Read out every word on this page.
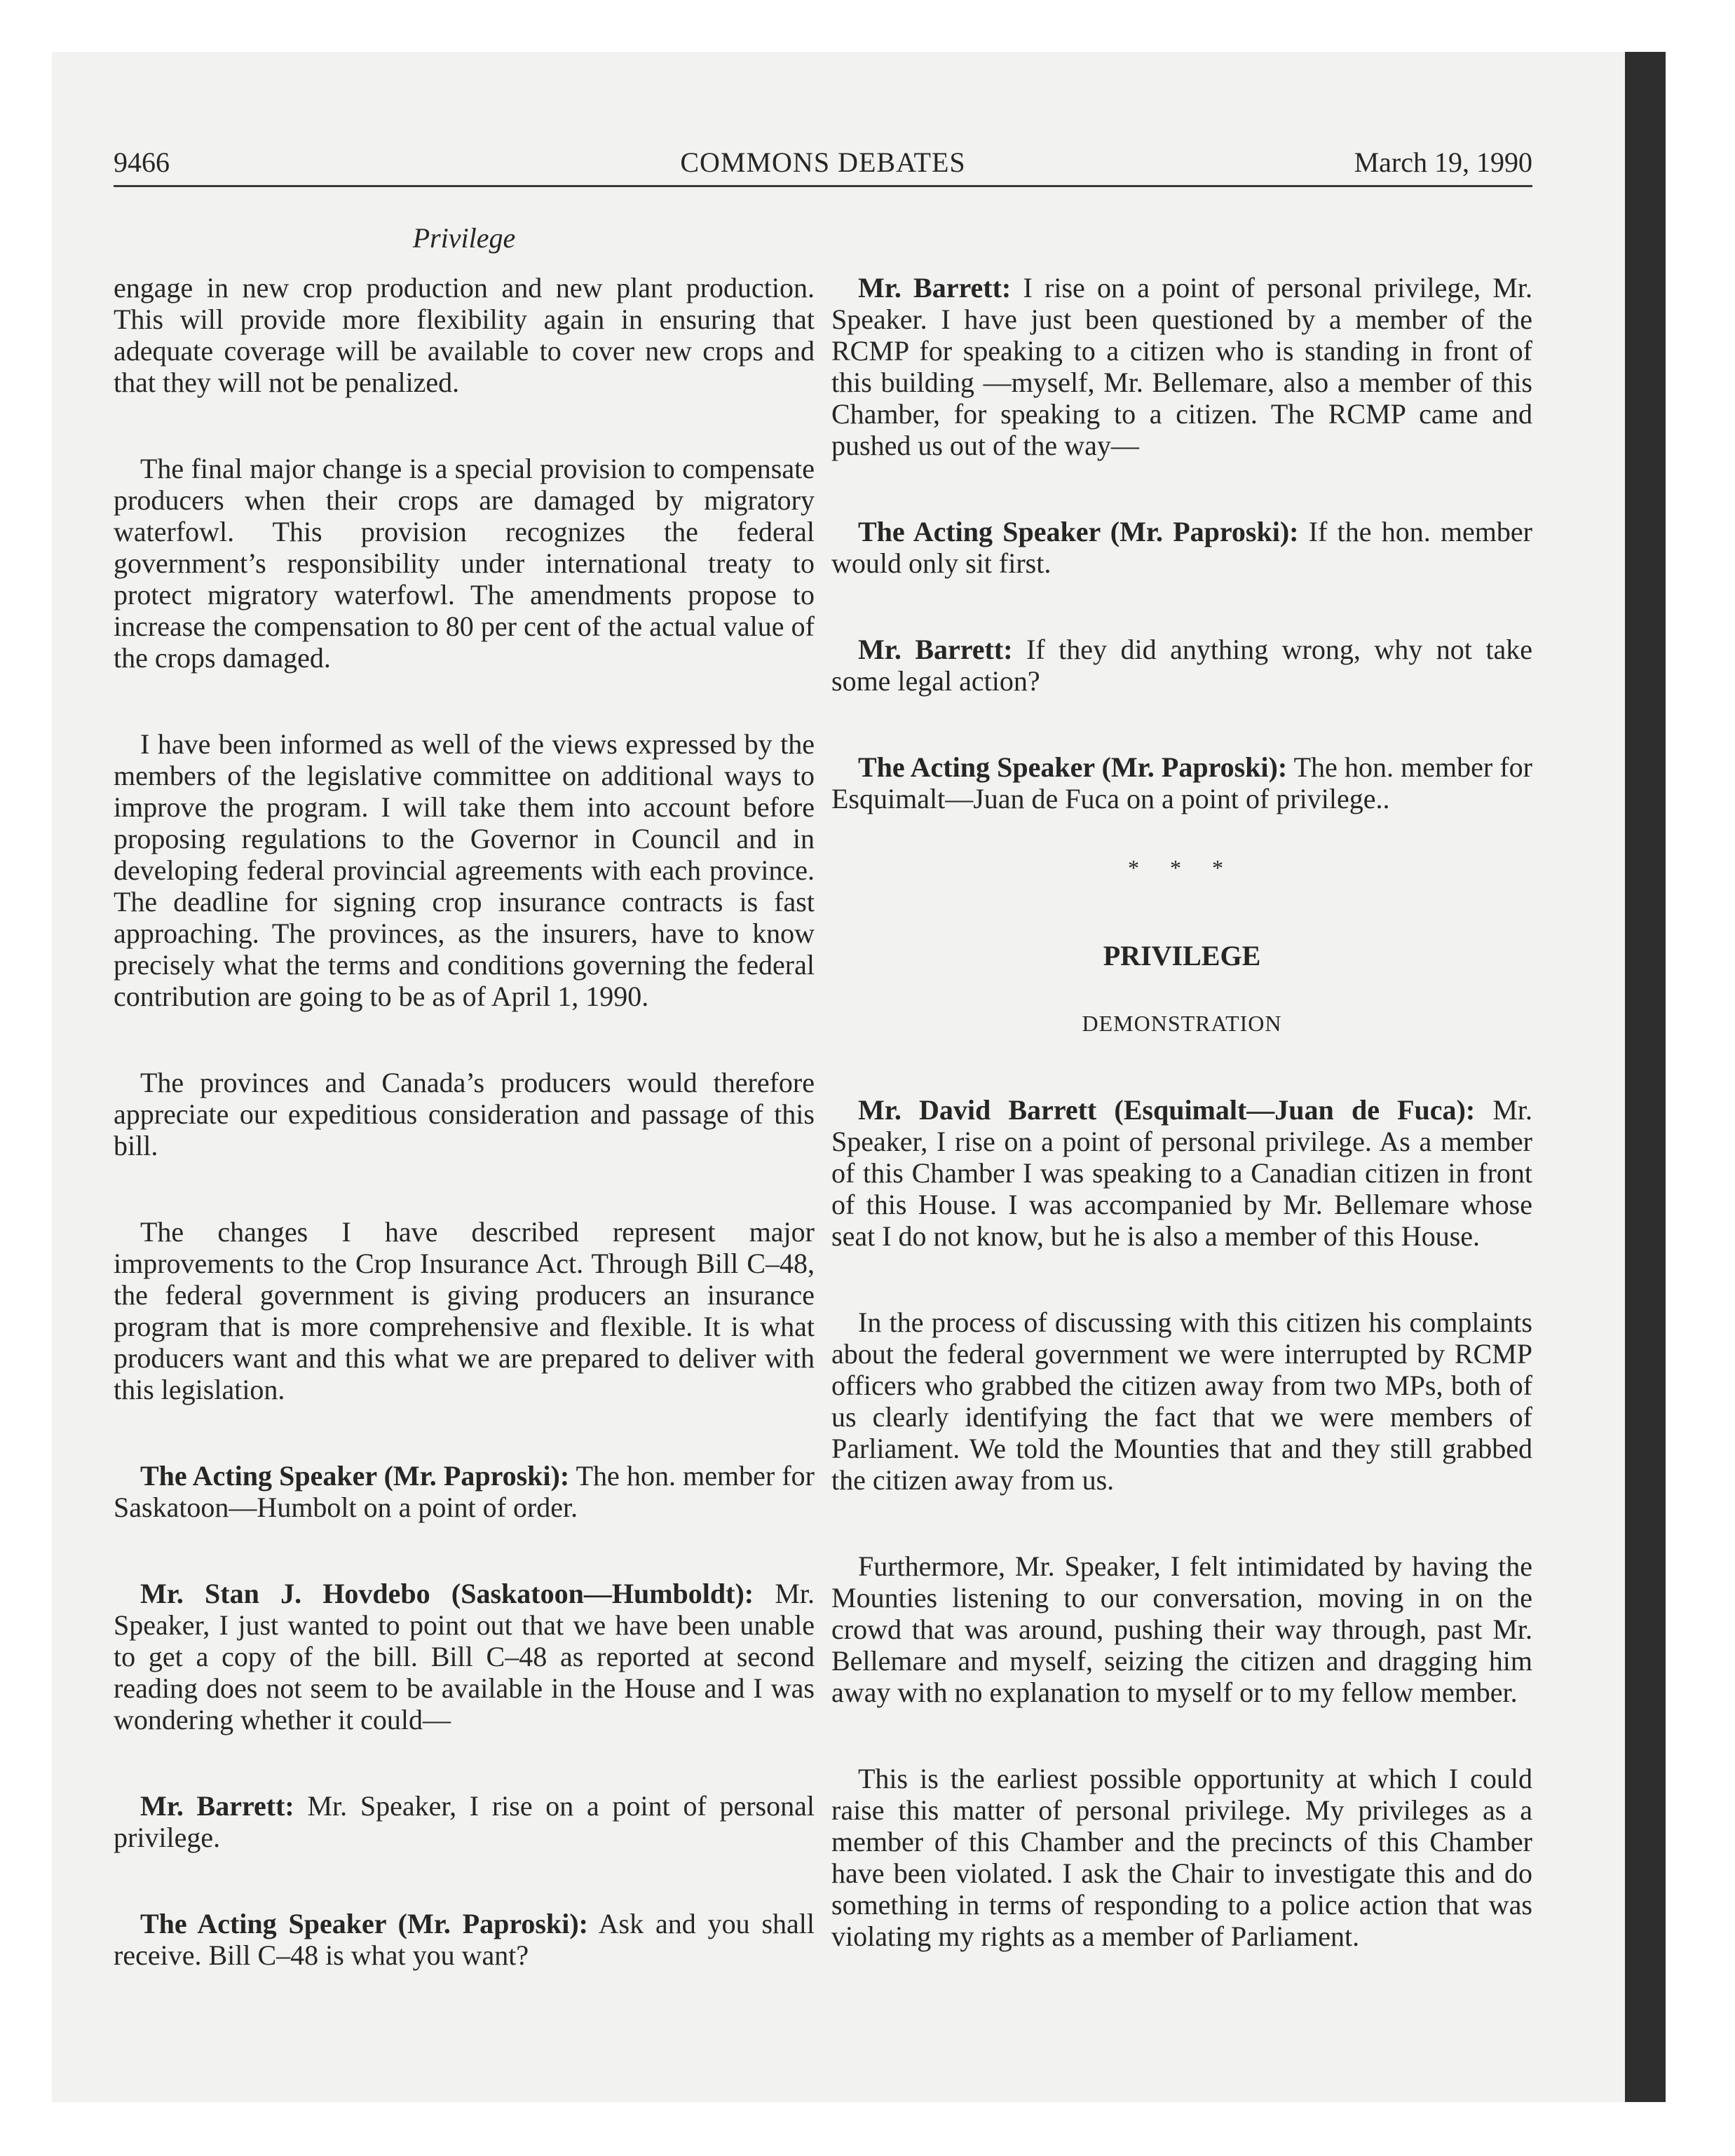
9466	COMMONS DEBATES	March 19, 1990
Privilege

engage in new crop production and new plant production. This will provide more flexibility again in ensuring that adequate coverage will be available to cover new crops and that they will not be penalized.

The final major change is a special provision to compensate producers when their crops are damaged by migratory waterfowl. This provision recognizes the federal government’s responsibility under international treaty to protect migratory waterfowl. The amendments propose to increase the compensation to 80 per cent of the actual value of the crops damaged.

I have been informed as well of the views expressed by the members of the legislative committee on additional ways to improve the program. I will take them into account before proposing regulations to the Governor in Council and in developing federal provincial agreements with each province. The deadline for signing crop insurance contracts is fast approaching. The provinces, as the insurers, have to know precisely what the terms and conditions governing the federal contribution are going to be as of April 1, 1990.

The provinces and Canada’s producers would therefore appreciate our expeditious consideration and passage of this bill.

The changes I have described represent major improvements to the Crop Insurance Act. Through Bill C–48, the federal government is giving producers an insurance program that is more comprehensive and flexible. It is what producers want and this what we are prepared to deliver with this legislation.

The Acting Speaker (Mr. Paproski): The hon. member for Saskatoon—Humbolt on a point of order.

Mr. Stan J. Hovdebo (Saskatoon—Humboldt): Mr. Speaker, I just wanted to point out that we have been unable to get a copy of the bill. Bill C–48 as reported at second reading does not seem to be available in the House and I was wondering whether it could—

Mr. Barrett: Mr. Speaker, I rise on a point of personal privilege.

The Acting Speaker (Mr. Paproski): Ask and you shall receive. Bill C–48 is what you want?

Mr. Barrett: I rise on a point of personal privilege, Mr. Speaker. I have just been questioned by a member of the RCMP for speaking to a citizen who is standing in front of this building —myself, Mr. Bellemare, also a member of this Chamber, for speaking to a citizen. The RCMP came and pushed us out of the way—

The Acting Speaker (Mr. Paproski): If the hon. member would only sit first.

Mr. Barrett: If they did anything wrong, why not take some legal action?

The Acting Speaker (Mr. Paproski): The hon. member for Esquimalt—Juan de Fuca on a point of privilege..

* * *
PRIVILEGE
DEMONSTRATION

Mr. David Barrett (Esquimalt—Juan de Fuca): Mr. Speaker, I rise on a point of personal privilege. As a member of this Chamber I was speaking to a Canadian citizen in front of this House. I was accompanied by Mr. Bellemare whose seat I do not know, but he is also a member of this House.

In the process of discussing with this citizen his complaints about the federal government we were interrupted by RCMP officers who grabbed the citizen away from two MPs, both of us clearly identifying the fact that we were members of Parliament. We told the Mounties that and they still grabbed the citizen away from us.

Furthermore, Mr. Speaker, I felt intimidated by having the Mounties listening to our conversation, moving in on the crowd that was around, pushing their way through, past Mr. Bellemare and myself, seizing the citizen and dragging him away with no explanation to myself or to my fellow member.

This is the earliest possible opportunity at which I could raise this matter of personal privilege. My privileges as a member of this Chamber and the precincts of this Chamber have been violated. I ask the Chair to investigate this and do something in terms of responding to a police action that was violating my rights as a member of Parliament.
